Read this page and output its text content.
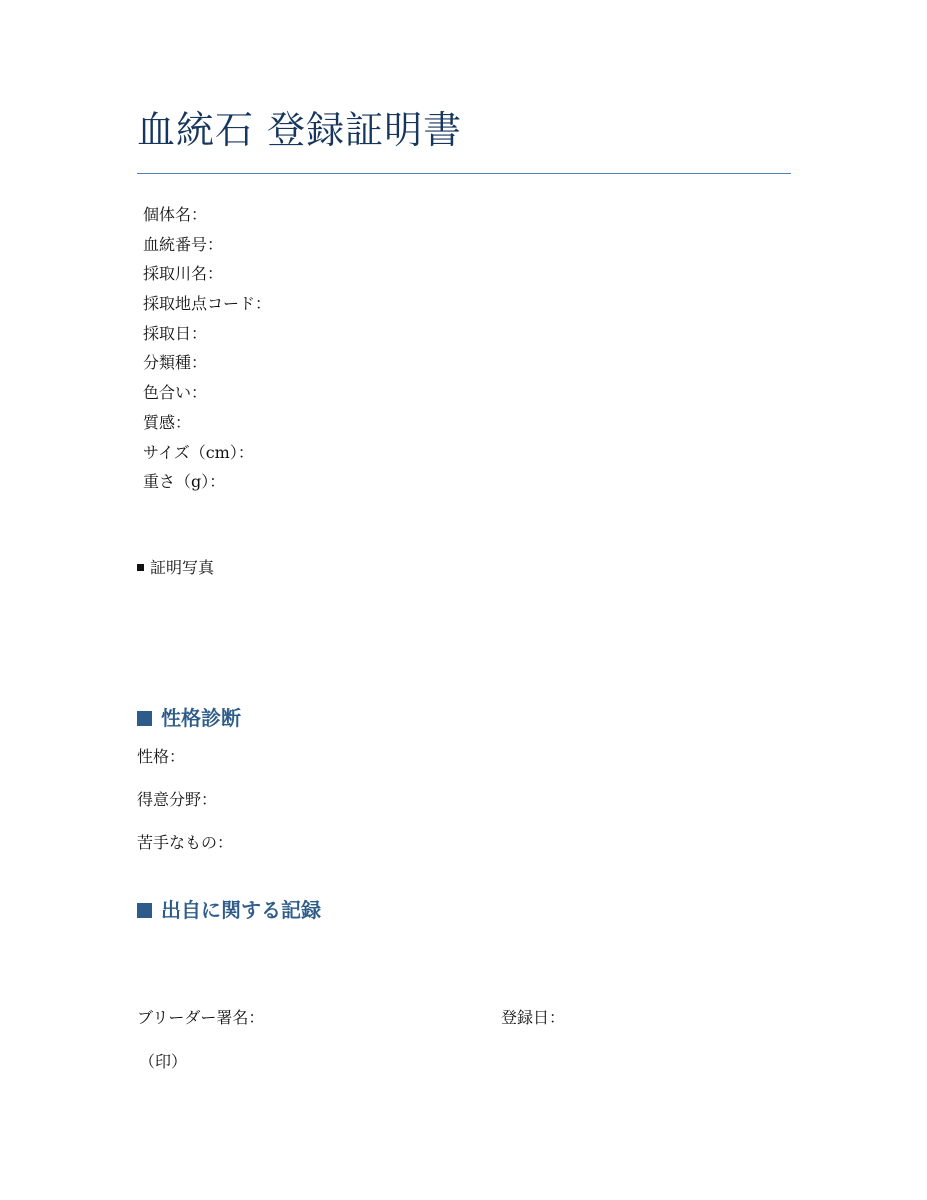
血統石 登録証明書
個体名：
血統番号：
採取川名：
採取地点コード：
採取日：
分類種：
色合い：
質感：
サイズ（cm）：
重さ（g）：
証明写真
性格診断
性格：
得意分野：
苦手なもの：
出自に関する記録
ブリーダー署名：	登録日：
（印）
